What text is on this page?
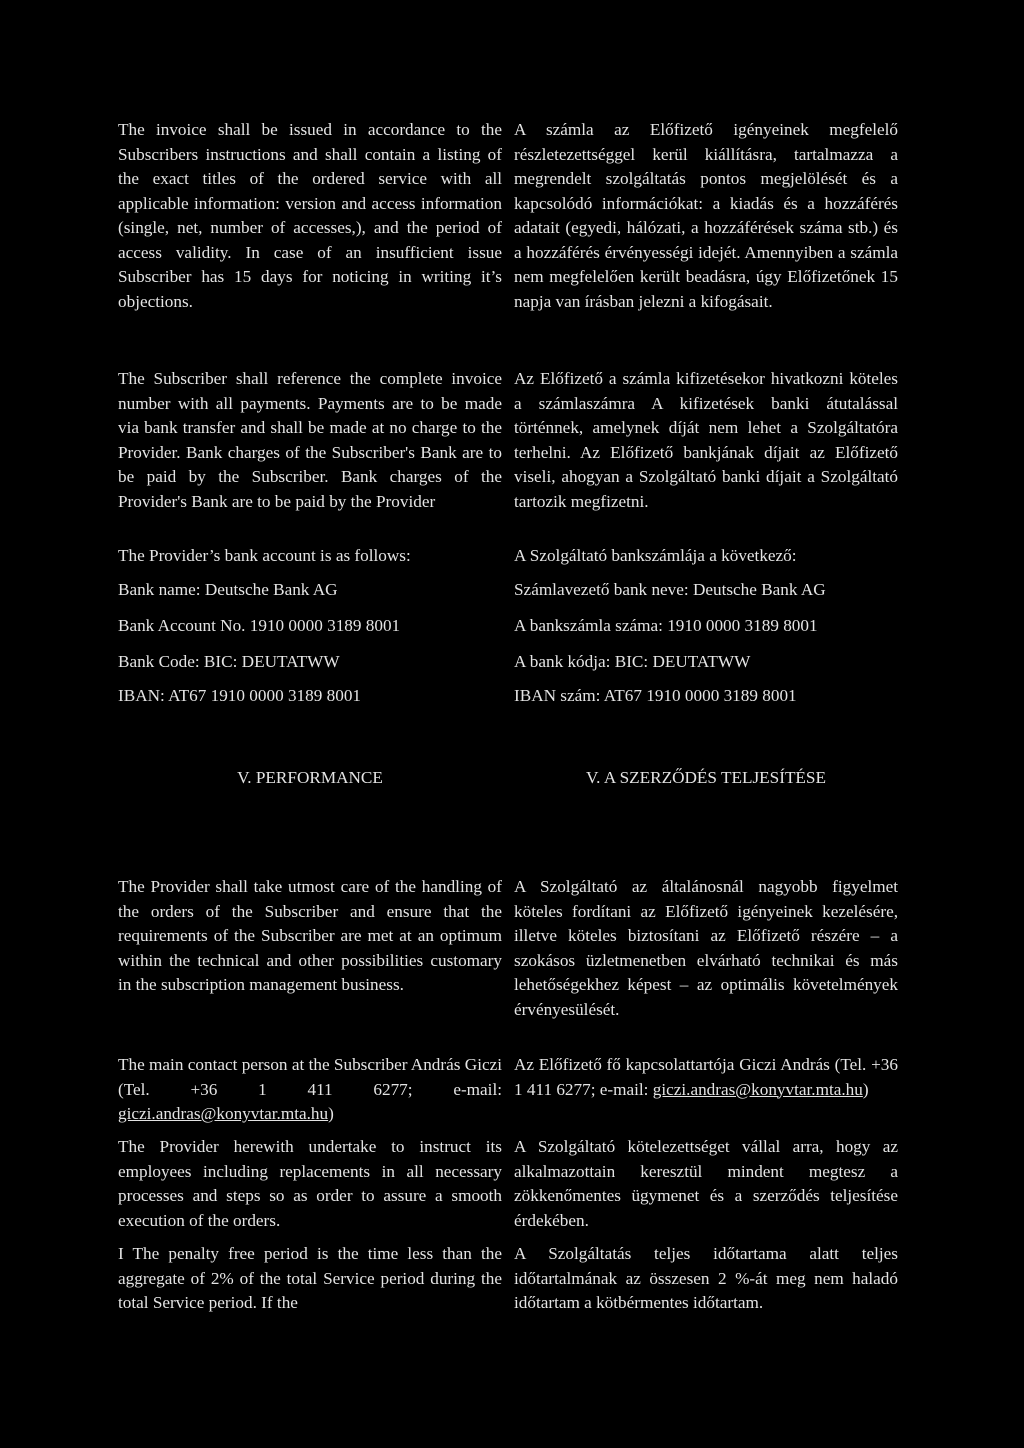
The invoice shall be issued in accordance to the Subscribers instructions and shall contain a listing of the exact titles of the ordered service with all applicable information: version and access information (single, net, number of accesses,), and the period of access validity. In case of an insufficient issue Subscriber has 15 days for noticing in writing it’s objections.

The Subscriber shall reference the complete invoice number with all payments. Payments are to be made via bank transfer and shall be made at no charge to the Provider. Bank charges of the Subscriber's Bank are to be paid by the Subscriber. Bank charges of the Provider's Bank are to be paid by the Provider

The Provider’s bank account is as follows:

Bank name: Deutsche Bank AG

Bank Account No. 1910 0000 3189 8001

Bank Code: BIC: DEUTATWW

IBAN: AT67 1910 0000 3189 8001

V. PERFORMANCE

The Provider shall take utmost care of the handling of the orders of the Subscriber and ensure that the requirements of the Subscriber are met at an optimum within the technical and other possibilities customary in the subscription management business.

The main contact person at the Subscriber András Giczi (Tel. +36 1 411 6277; e-mail: giczi.andras@konyvtar.mta.hu)

The Provider herewith undertake to instruct its employees including replacements in all necessary processes and steps so as order to assure a smooth execution of the orders.

I The penalty free period is the time less than the aggregate of 2% of the total Service period during the total Service period. If the

A számla az Előfizető igényeinek megfelelő részletezettséggel kerül kiállításra, tartalmazza a megrendelt szolgáltatás pontos megjelölését és a kapcsolódó információkat: a kiadás és a hozzáférés adatait (egyedi, hálózati, a hozzáférések száma stb.) és a hozzáférés érvényességi idejét. Amennyiben a számla nem megfelelően került beadásra, úgy Előfizetőnek 15 napja van írásban jelezni a kifogásait.

Az Előfizető a számla kifizetésekor hivatkozni köteles a számlaszámra A kifizetések banki átutalással történnek, amelynek díját nem lehet a Szolgáltatóra terhelni. Az Előfizető bankjának díjait az Előfizető viseli, ahogyan a Szolgáltató banki díjait a Szolgáltató tartozik megfizetni.

A Szolgáltató bankszámlája a következő:

Számlavezető bank neve: Deutsche Bank AG

A bankszámla száma: 1910 0000 3189 8001

A bank kódja: BIC: DEUTATWW

IBAN szám: AT67 1910 0000 3189 8001

V. A SZERZŐDÉS TELJESÍTÉSE

A Szolgáltató az általánosnál nagyobb figyelmet köteles fordítani az Előfizető igényeinek kezelésére, illetve köteles biztosítani az Előfizető részére – a szokásos üzletmenetben elvárható technikai és más lehetőségekhez képest – az optimális követelmények érvényesülését.

Az Előfizető fő kapcsolattartója Giczi András (Tel. +36 1 411 6277; e-mail: giczi.andras@konyvtar.mta.hu)

A Szolgáltató kötelezettséget vállal arra, hogy az alkalmazottain keresztül mindent megtesz a zökkenőmentes ügymenet és a szerződés teljesítése érdekében.

A Szolgáltatás teljes időtartama alatt teljes időtartalmának az összesen 2 %-át meg nem haladó időtartam a kötbérmentes időtartam.
